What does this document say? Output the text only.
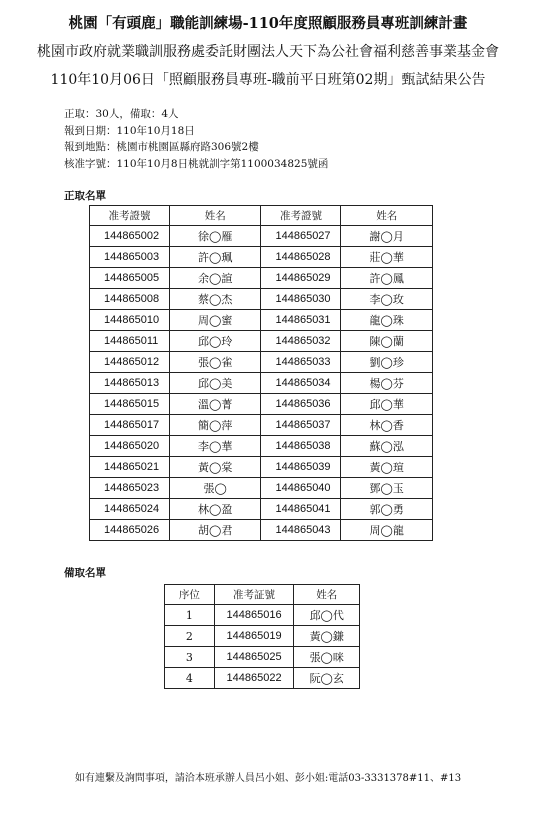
桃園「有頭鹿」職能訓練場-110年度照顧服務員專班訓練計畫
桃園市政府就業職訓服務處委託財團法人天下為公社會福利慈善事業基金會
110年10月06日「照顧服務員專班-職前平日班第02期」甄試結果公告
正取：30人，備取：4人
報到日期：110年10月18日
報到地點：桃園市桃園區縣府路306號2樓
核准字號：110年10月8日桃就訓字第1100034825號函
正取名單
准考證號	姓名	准考證號	姓名
144865002	徐◯雁	144865027	謝◯月
144865003	許◯珮	144865028	莊◯華
144865005	余◯諠	144865029	許◯鳳
144865008	蔡◯杰	144865030	李◯玫
144865010	周◯蜜	144865031	龍◯珠
144865011	邱◯玲	144865032	陳◯蘭
144865012	張◯雀	144865033	劉◯珍
144865013	邱◯美	144865034	楊◯芬
144865015	溫◯菁	144865036	邱◯華
144865017	簡◯萍	144865037	林◯香
144865020	李◯華	144865038	蘇◯泓
144865021	黃◯棠	144865039	黃◯瑄
144865023	張◯	144865040	鄧◯玉
144865024	林◯盈	144865041	郭◯勇
144865026	胡◯君	144865043	周◯龍
備取名單
序位	准考証號	姓名
1	144865016	邱◯代
2	144865019	黃◯鎌
3	144865025	張◯咪
4	144865022	阮◯玄
如有連繫及詢問事項，請洽本班承辦人員呂小姐、彭小姐:電話03-3331378#11、#13
